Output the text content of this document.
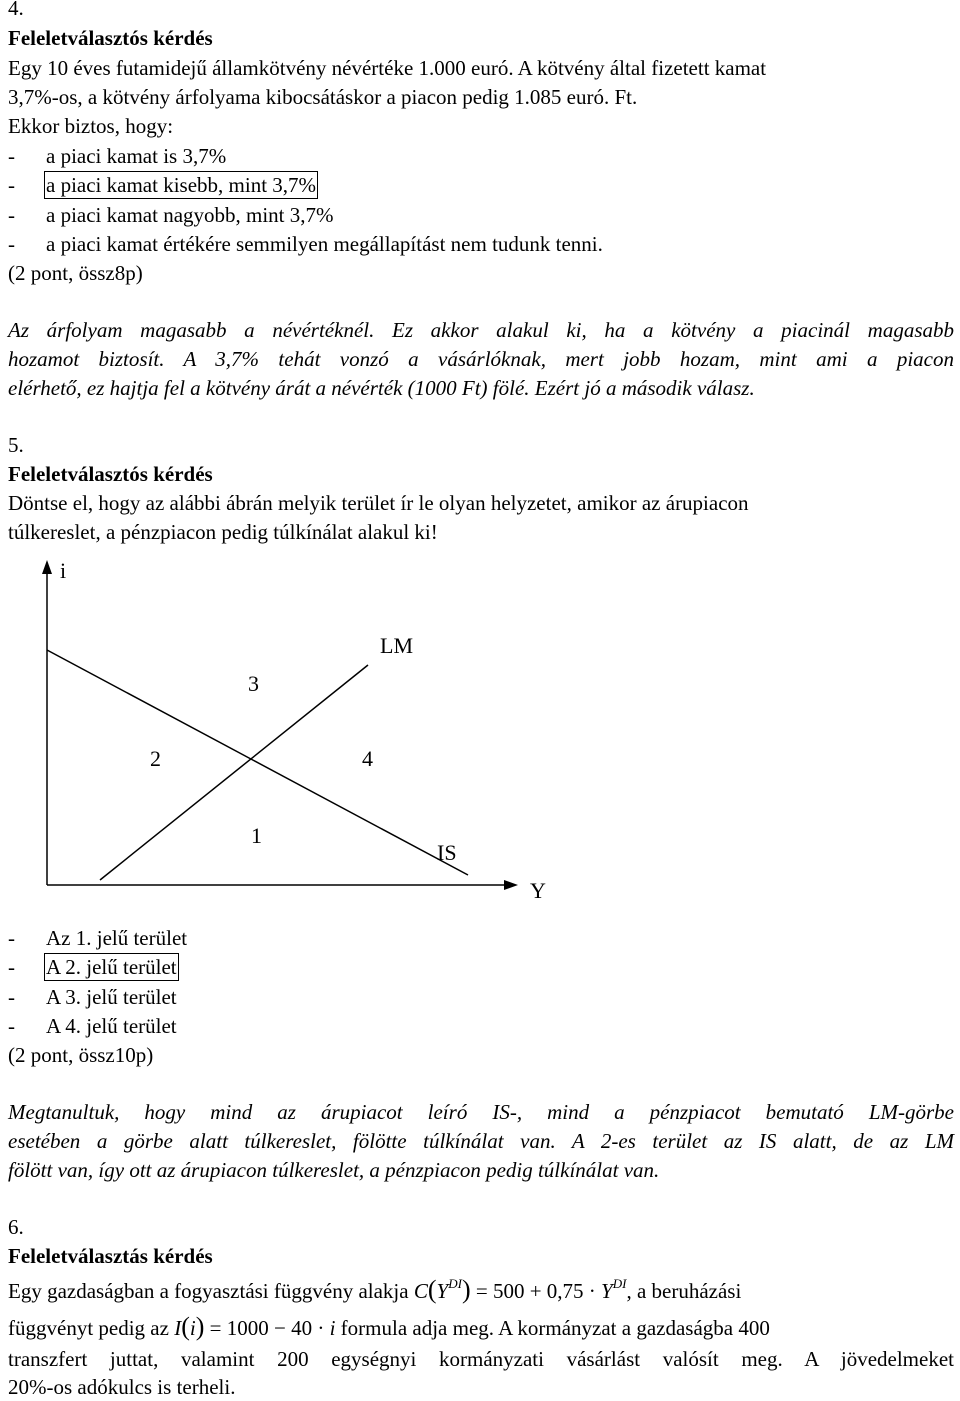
4.
Feleletválasztós kérdés
Egy 10 éves futamidejű államkötvény névértéke 1.000 euró. A kötvény által fizetett kamat
3,7%-os, a kötvény árfolyama kibocsátáskor a piacon pedig 1.085 euró. Ft.
Ekkor biztos, hogy:
- a piaci kamat is 3,7%
- a piaci kamat kisebb, mint 3,7%
- a piaci kamat nagyobb, mint 3,7%
- a piaci kamat értékére semmilyen megállapítást nem tudunk tenni.
(2 pont, össz8p)
Az árfolyam magasabb a névértéknél. Ez akkor alakul ki, ha a kötvény a piacinál magasabb
hozamot biztosít. A 3,7% tehát vonzó a vásárlóknak, mert jobb hozam, mint ami a piacon
elérhető, ez hajtja fel a kötvény árát a névérték (1000 Ft) fölé. Ezért jó a második válasz.
5.
Feleletválasztós kérdés
Döntse el, hogy az alábbi ábrán melyik terület ír le olyan helyzetet, amikor az árupiacon
túlkereslet, a pénzpiacon pedig túlkínálat alakul ki!
i
Y
LM
IS
3
2	4
1
- Az 1. jelű terület
- A 2. jelű terület
- A 3. jelű terület
- A 4. jelű terület
(2 pont, össz10p)
Megtanultuk, hogy mind az árupiacot leíró IS-, mind a pénzpiacot bemutató LM-görbe
esetében a görbe alatt túlkereslet, fölötte túlkínálat van. A 2-es terület az IS alatt, de az LM
fölött van, így ott az árupiacon túlkereslet, a pénzpiacon pedig túlkínálat van.
6.
Feleletválasztás kérdés
Egy gazdaságban a fogyasztási függvény alakja $C(Y^{DI}) = 500 + 0,75 \cdot Y^{DI}$, a beruházási
függvényt pedig az I(i) = 1000 − 40 · i formula adja meg. A kormányzat a gazdaságba 400
transzfert juttat, valamint 200 egységnyi kormányzati vásárlást valósít meg. A jövedelmeket
20%-os adókulcs is terheli.
